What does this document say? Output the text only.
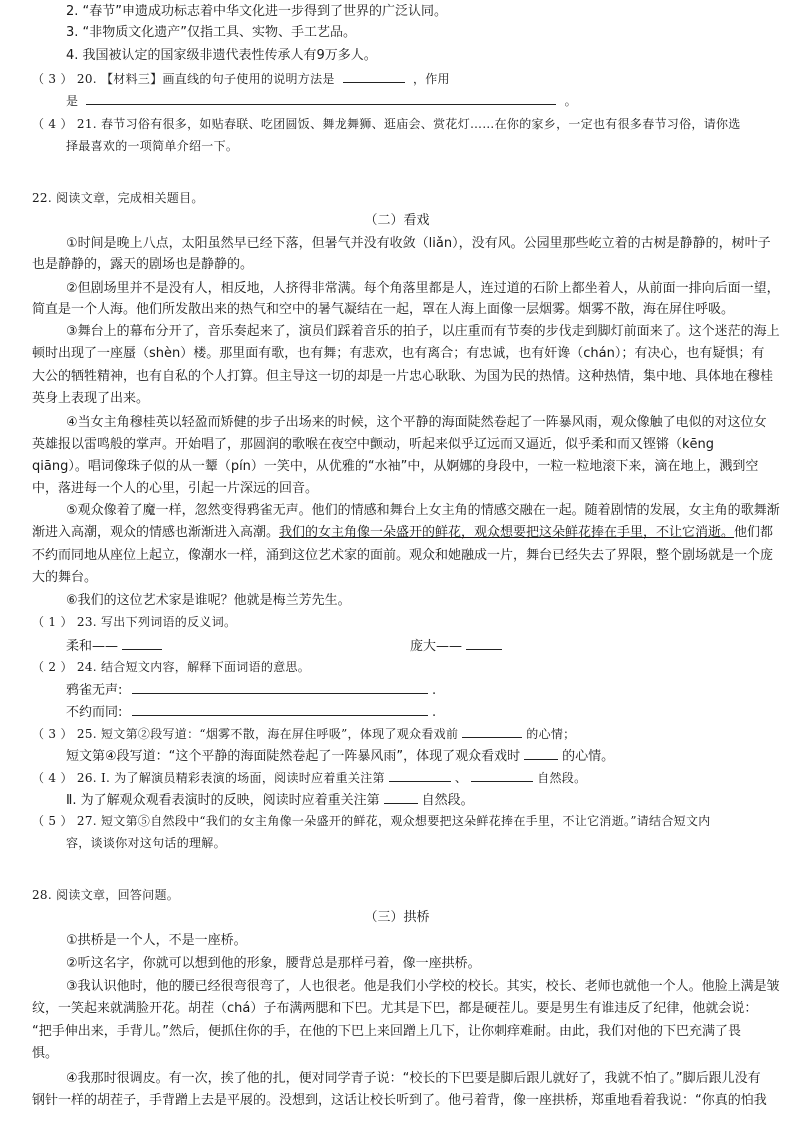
2. “春节”申遗成功标志着中华文化进一步得到了世界的广泛认同。
3. “非物质文化遗产”仅指工具、实物、手工艺品。
4. 我国被认定的国家级非遗代表性传承人有9万多人。
（ 3 ） 20. 【材料三】画直线的句子使用的说明方法是	，作用
是	。
（ 4 ） 21. 春节习俗有很多，如贴春联、吃团圆饭、舞龙舞狮、逛庙会、赏花灯……在你的家乡，一定也有很多春节习俗，请你选
择最喜欢的一项简单介绍一下。
22. 阅读文章，完成相关题目。
（二）看戏
①时间是晚上八点，太阳虽然早已经下落，但暑气并没有收敛（liǎn），没有风。公园里那些屹立着的古树是静静的，树叶子
也是静静的，露天的剧场也是静静的。
②但剧场里并不是没有人，相反地，人挤得非常满。每个角落里都是人，连过道的石阶上都坐着人，从前面一排向后面一望，
简直是一个人海。他们所发散出来的热气和空中的暑气凝结在一起，罩在人海上面像一层烟雾。烟雾不散，海在屏住呼吸。
③舞台上的幕布分开了，音乐奏起来了，演员们踩着音乐的拍子，以庄重而有节奏的步伐走到脚灯前面来了。这个迷茫的海上
顿时出现了一座蜃（shèn）楼。那里面有歌，也有舞；有悲欢，也有离合；有忠诚，也有奸谗（chán）；有决心，也有疑惧；有
大公的牺牲精神，也有自私的个人打算。但主导这一切的却是一片忠心耿耿、为国为民的热情。这种热情，集中地、具体地在穆桂
英身上表现了出来。
④当女主角穆桂英以轻盈而矫健的步子出场来的时候，这个平静的海面陡然卷起了一阵暴风雨，观众像触了电似的对这位女
英雄报以雷鸣般的掌声。开始唱了，那圆润的歌喉在夜空中颤动，听起来似乎辽远而又逼近，似乎柔和而又铿锵（kēng
qiāng）。唱词像珠子似的从一颦（pín）一笑中，从优雅的“水袖”中，从婀娜的身段中，一粒一粒地滚下来，滴在地上，溅到空
中，落进每一个人的心里，引起一片深远的回音。
⑤观众像着了魔一样，忽然变得鸦雀无声。他们的情感和舞台上女主角的情感交融在一起。随着剧情的发展，女主角的歌舞渐
渐进入高潮，观众的情感也渐渐进入高潮。我们的女主角像一朵盛开的鲜花，观众想要把这朵鲜花捧在手里，不让它消逝。他们都
不约而同地从座位上起立，像潮水一样，涌到这位艺术家的面前。观众和她融成一片，舞台已经失去了界限，整个剧场就是一个庞
大的舞台。
⑥我们的这位艺术家是谁呢？他就是梅兰芳先生。
（ 1 ） 23. 写出下列词语的反义词。
柔和——	庞大——
（ 2 ） 24. 结合短文内容，解释下面词语的意思。
鸦雀无声:	.
不约而同:	.
（ 3 ） 25. 短文第②段写道：“烟雾不散，海在屏住呼吸”，体现了观众看戏前	的心情；
短文第④段写道：“这个平静的海面陡然卷起了一阵暴风雨”，体现了观众看戏时	的心情。
（ 4 ） 26. Ⅰ. 为了解演员精彩表演的场面，阅读时应着重关注第	、	自然段。
Ⅱ. 为了解观众观看表演时的反映，阅读时应着重关注第	自然段。
（ 5 ） 27. 短文第⑤自然段中“我们的女主角像一朵盛开的鲜花，观众想要把这朵鲜花捧在手里，不让它消逝。”请结合短文内
容，谈谈你对这句话的理解。
28. 阅读文章，回答问题。
（三）拱桥
①拱桥是一个人，不是一座桥。
②听这名字，你就可以想到他的形象，腰背总是那样弓着，像一座拱桥。
③我认识他时，他的腰已经很弯很弯了，人也很老。他是我们小学校的校长。其实，校长、老师也就他一个人。他脸上满是皱
纹，一笑起来就满脸开花。胡茬（chá）子布满两腮和下巴。尤其是下巴，都是硬茬儿。要是男生有谁违反了纪律，他就会说：
“把手伸出来，手背儿。”然后，便抓住你的手，在他的下巴上来回蹭上几下，让你刺痒难耐。由此，我们对他的下巴充满了畏
惧。
④我那时很调皮。有一次，挨了他的扎，便对同学青子说：“校长的下巴要是脚后跟儿就好了，我就不怕了。”脚后跟儿没有
钢针一样的胡茬子，手背蹭上去是平展的。没想到，这话让校长听到了。他弓着背，像一座拱桥，郑重地看着我说：“你真的怕我
